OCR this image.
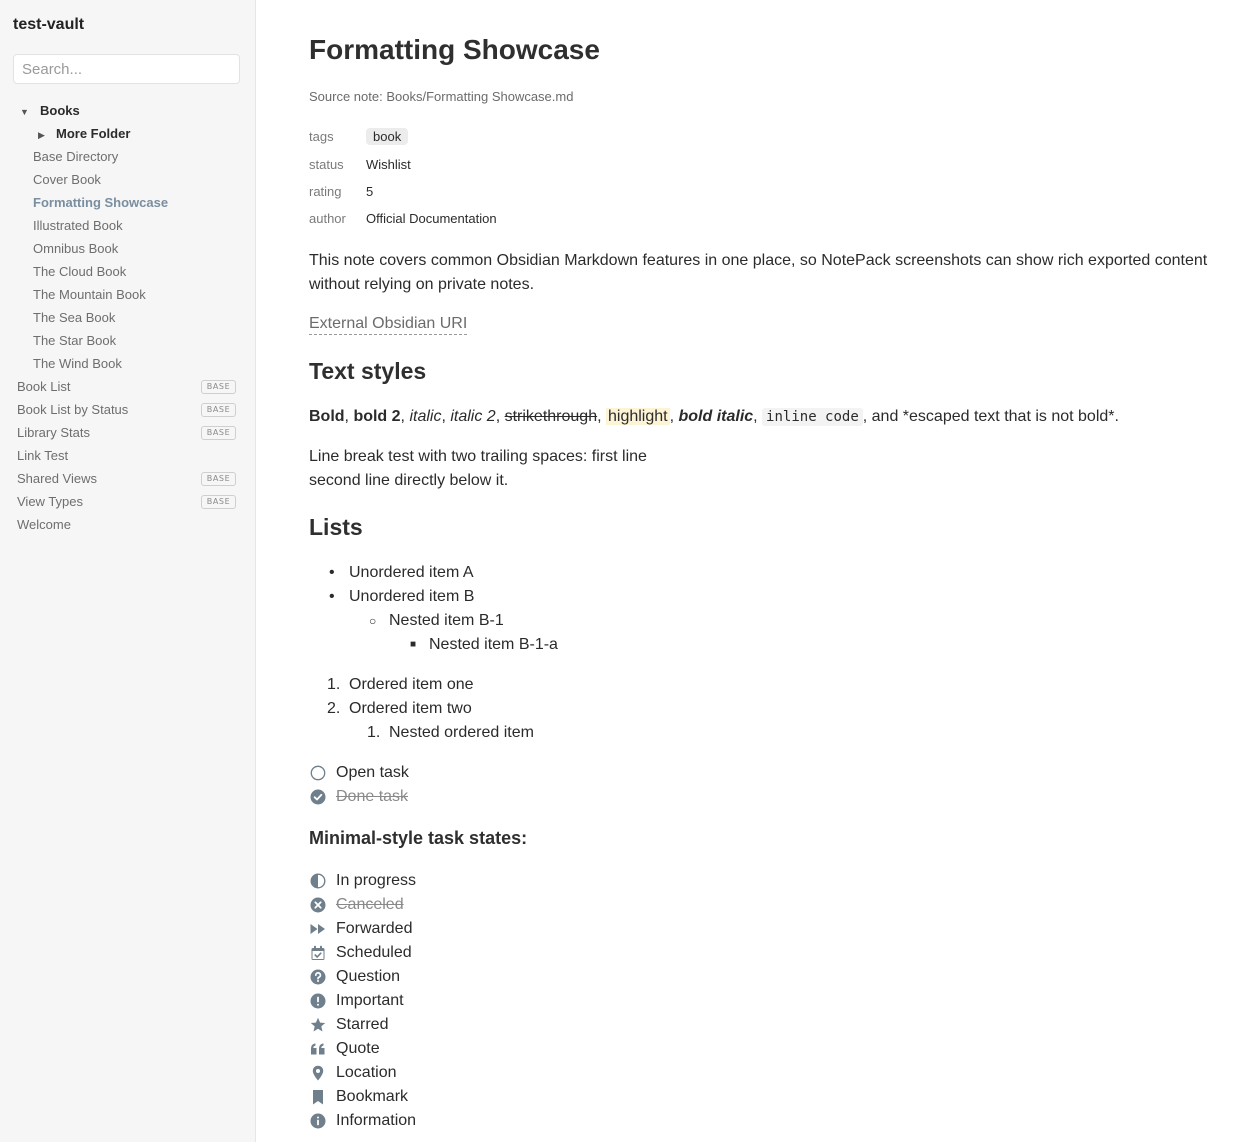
test-vault
Search...
▼ Books
▶ More Folder
Base Directory
Cover Book
Formatting Showcase
Illustrated Book
Omnibus Book
The Cloud Book
The Mountain Book
The Sea Book
The Star Book
The Wind Book
Book List	BASE
Book List by Status	BASE
Library Stats	BASE
Link Test
Shared Views	BASE
View Types	BASE
Welcome
Formatting Showcase
Source note: Books/Formatting Showcase.md
tags	book
status Wishlist
rating 5
author Official Documentation
This note covers common Obsidian Markdown features in one place, so NotePack screenshots can show rich exported content without relying on private notes.
External Obsidian URI
Text styles
Bold, bold 2, italic, italic 2, strikethrough, highlight , bold italic, inline code , and *escaped text that is not bold*.
Line break test with two trailing spaces: first line
second line directly below it.
Lists
• Unordered item A
• Unordered item B
○ Nested item B-1
■ Nested item B-1-a
1. Ordered item one
2. Ordered item two
1. Nested ordered item
Open task
Done task
Minimal-style task states:
In progress
Canceled
Forwarded
Scheduled
Question
Important
Starred
Quote
Location
Bookmark
Information
